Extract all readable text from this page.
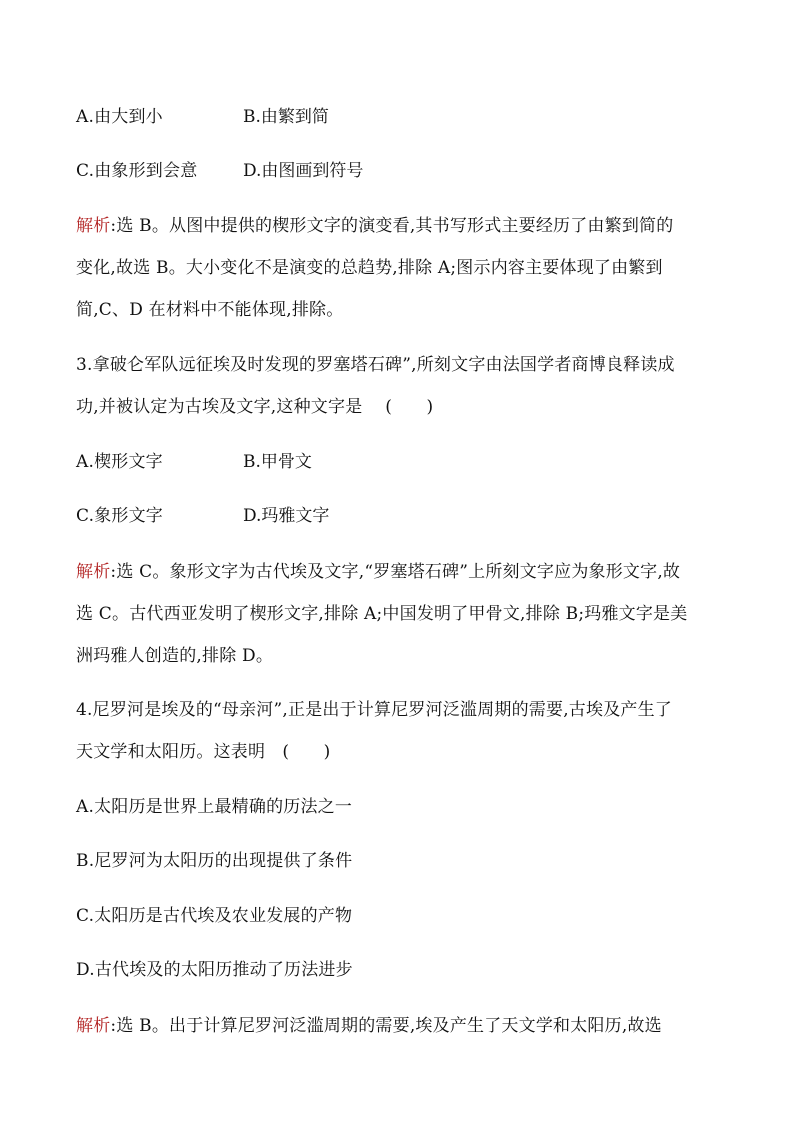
A.由大到小	B.由繁到简
C.由象形到会意	D.由图画到符号
解析:选 B。从图中提供的楔形文字的演变看,其书写形式主要经历了由繁到简的
变化,故选 B。大小变化不是演变的总趋势,排除 A;图示内容主要体现了由繁到
简,C、D 在材料中不能体现,排除。
3.拿破仑军队远征埃及时发现的罗塞塔石碑”,所刻文字由法国学者商博良释读成
功,并被认定为古埃及文字,这种文字是　 (　　)
A.楔形文字	B.甲骨文
C.象形文字	D.玛雅文字
解析:选 C。象形文字为古代埃及文字,“罗塞塔石碑”上所刻文字应为象形文字,故
选 C。古代西亚发明了楔形文字,排除 A;中国发明了甲骨文,排除 B;玛雅文字是美
洲玛雅人创造的,排除 D。
4.尼罗河是埃及的“母亲河”,正是出于计算尼罗河泛滥周期的需要,古埃及产生了
天文学和太阳历。这表明　(　　)
A.太阳历是世界上最精确的历法之一
B.尼罗河为太阳历的出现提供了条件
C.太阳历是古代埃及农业发展的产物
D.古代埃及的太阳历推动了历法进步
解析:选 B。出于计算尼罗河泛滥周期的需要,埃及产生了天文学和太阳历,故选
